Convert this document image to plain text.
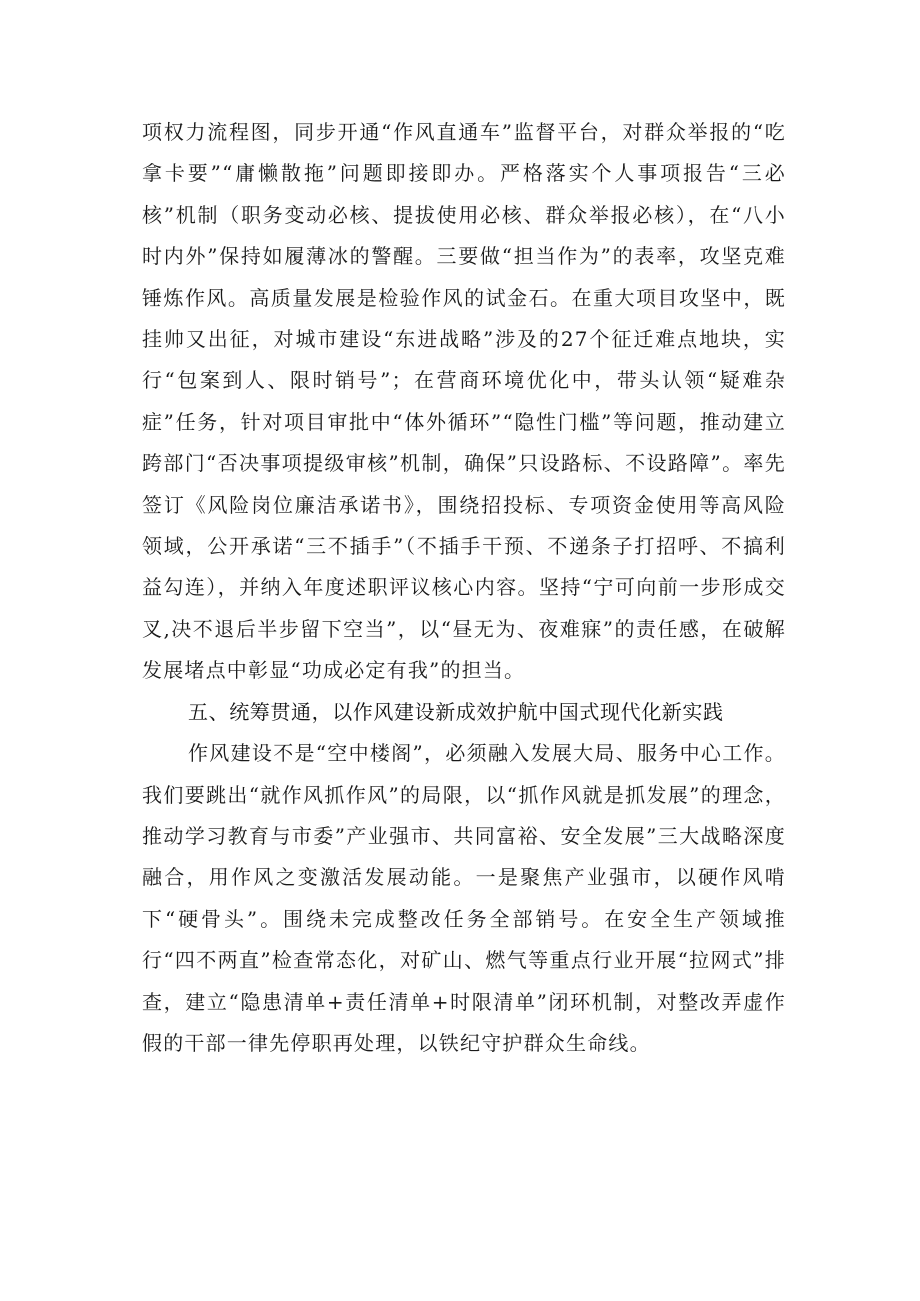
项权力流程图，同步开通“作风直通车”监督平台，对群众举报的“吃拿卡要”“庸懒散拖”问题即接即办。严格落实个人事项报告“三必核”机制（职务变动必核、提拔使用必核、群众举报必核），在“八小时内外”保持如履薄冰的警醒。三要做“担当作为”的表率，攻坚克难锤炼作风。高质量发展是检验作风的试金石。在重大项目攻坚中，既挂帅又出征，对城市建设“东进战略”涉及的27个征迁难点地块，实行“包案到人、限时销号”；在营商环境优化中，带头认领“疑难杂症”任务，针对项目审批中“体外循环”“隐性门槛”等问题，推动建立跨部门“否决事项提级审核”机制，确保”只设路标、不设路障”。率先签订《风险岗位廉洁承诺书》，围绕招投标、专项资金使用等高风险领域，公开承诺“三不插手”（不插手干预、不递条子打招呼、不搞利益勾连），并纳入年度述职评议核心内容。坚持“宁可向前一步形成交叉,决不退后半步留下空当”，以“昼无为、夜难寐”的责任感，在破解发展堵点中彰显“功成必定有我”的担当。

五、统筹贯通，以作风建设新成效护航中国式现代化新实践

作风建设不是“空中楼阁”，必须融入发展大局、服务中心工作。我们要跳出“就作风抓作风”的局限，以“抓作风就是抓发展”的理念，推动学习教育与市委”产业强市、共同富裕、安全发展”三大战略深度融合，用作风之变激活发展动能。一是聚焦产业强市，以硬作风啃下“硬骨头”。围绕未完成整改任务全部销号。在安全生产领域推行“四不两直”检查常态化，对矿山、燃气等重点行业开展“拉网式”排查，建立“隐患清单+责任清单+时限清单”闭环机制，对整改弄虚作假的干部一律先停职再处理，以铁纪守护群众生命线。
